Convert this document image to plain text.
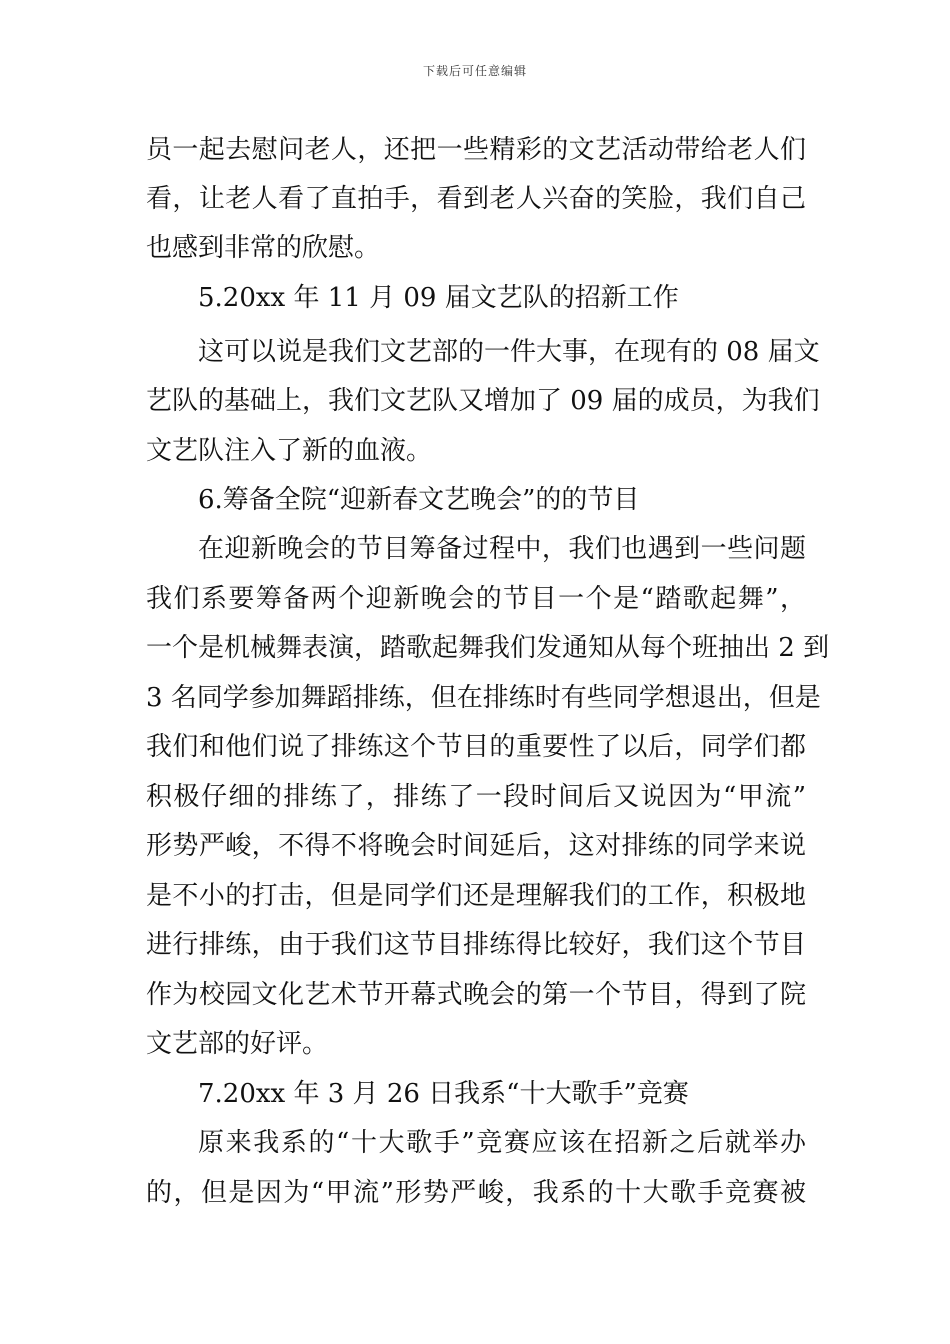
下载后可任意编辑
员一起去慰问老人，还把一些精彩的文艺活动带给老人们
看，让老人看了直拍手，看到老人兴奋的笑脸，我们自己
也感到非常的欣慰。
5.20xx 年 11 月 09 届文艺队的招新工作
这可以说是我们文艺部的一件大事，在现有的 08 届文
艺队的基础上，我们文艺队又增加了 09 届的成员，为我们
文艺队注入了新的血液。
6.筹备全院“迎新春文艺晚会”的的节目
在迎新晚会的节目筹备过程中，我们也遇到一些问题
我们系要筹备两个迎新晚会的节目一个是“踏歌起舞”，
一个是机械舞表演，踏歌起舞我们发通知从每个班抽出 2 到
3 名同学参加舞蹈排练，但在排练时有些同学想退出，但是
我们和他们说了排练这个节目的重要性了以后，同学们都
积极仔细的排练了，排练了一段时间后又说因为“甲流”
形势严峻，不得不将晚会时间延后，这对排练的同学来说
是不小的打击，但是同学们还是理解我们的工作，积极地
进行排练，由于我们这节目排练得比较好，我们这个节目
作为校园文化艺术节开幕式晚会的第一个节目，得到了院
文艺部的好评。
7.20xx 年 3 月 26 日我系“十大歌手”竞赛
原来我系的“十大歌手”竞赛应该在招新之后就举办
的，但是因为“甲流”形势严峻，我系的十大歌手竞赛被
